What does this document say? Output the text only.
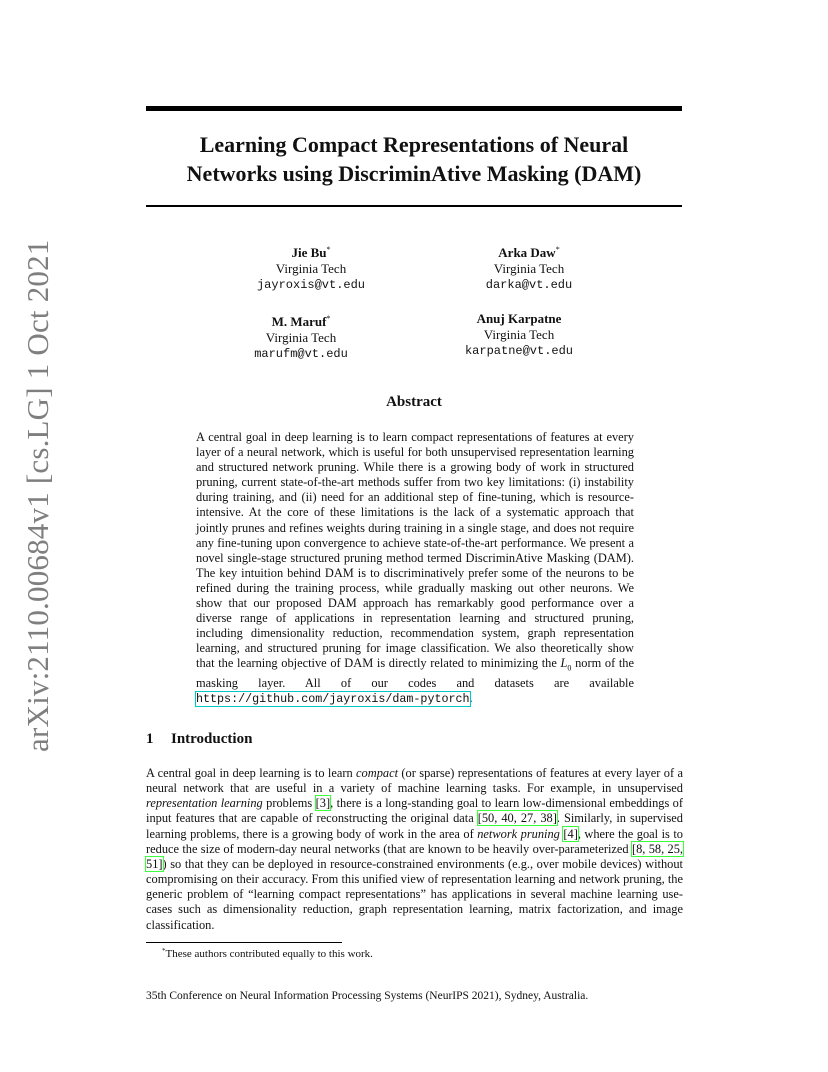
arXiv:2110.00684v1 [cs.LG] 1 Oct 2021
Learning Compact Representations of Neural
Networks using DiscriminAtive Masking (DAM)
Jie Bu*
Virginia Tech
jayroxis@vt.edu
Arka Daw*
Virginia Tech
darka@vt.edu
M. Maruf*
Virginia Tech
marufm@vt.edu
Anuj Karpatne
Virginia Tech
karpatne@vt.edu
Abstract
A central goal in deep learning is to learn compact representations of features at every layer of a neural network, which is useful for both unsupervised representation learning and structured network pruning. While there is a growing body of work in structured pruning, current state-of-the-art methods suffer from two key limitations: (i) instability during training, and (ii) need for an additional step of fine-tuning, which is resource-intensive. At the core of these limitations is the lack of a systematic approach that jointly prunes and refines weights during training in a single stage, and does not require any fine-tuning upon convergence to achieve state-of-the-art performance. We present a novel single-stage structured pruning method termed DiscriminAtive Masking (DAM). The key intuition behind DAM is to discriminatively prefer some of the neurons to be refined during the training process, while gradually masking out other neurons. We show that our proposed DAM approach has remarkably good performance over a diverse range of applications in representation learning and structured pruning, including dimensionality reduction, recommendation system, graph representation learning, and structured pruning for image classification. We also theoretically show that the learning objective of DAM is directly related to minimizing the $L_0$ norm of the masking layer. All of our codes and datasets are available https://github.com/jayroxis/dam-pytorch.
1 Introduction
A central goal in deep learning is to learn compact (or sparse) representations of features at every layer of a neural network that are useful in a variety of machine learning tasks. For example, in unsupervised representation learning problems [3], there is a long-standing goal to learn low-dimensional embeddings of input features that are capable of reconstructing the original data [50, 40, 27, 38]. Similarly, in supervised learning problems, there is a growing body of work in the area of network pruning [4], where the goal is to reduce the size of modern-day neural networks (that are known to be heavily over-parameterized [8, 58, 25, 51]) so that they can be deployed in resource-constrained environments (e.g., over mobile devices) without compromising on their accuracy. From this unified view of representation learning and network pruning, the generic problem of “learning compact representations” has applications in several machine learning use-cases such as dimensionality reduction, graph representation learning, matrix factorization, and image classification.
*These authors contributed equally to this work.
35th Conference on Neural Information Processing Systems (NeurIPS 2021), Sydney, Australia.
